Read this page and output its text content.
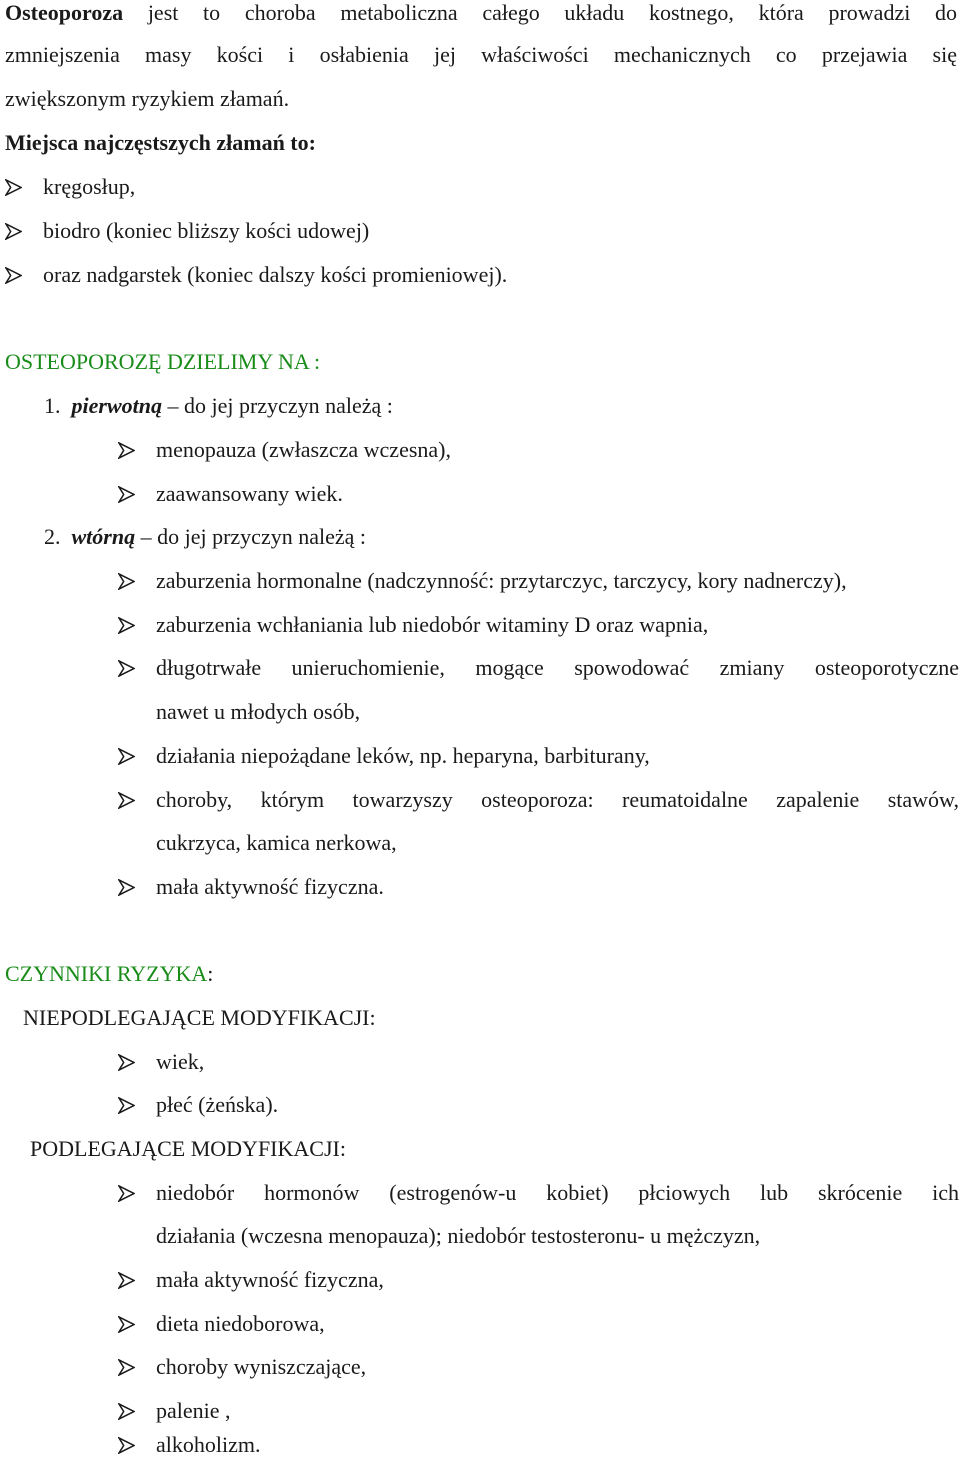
Osteoporoza jest to choroba metaboliczna całego układu kostnego, która prowadzi do
zmniejszenia masy kości i osłabienia jej właściwości mechanicznych co przejawia się
zwiększonym ryzykiem złamań.
Miejsca najczęstszych złamań to:
kręgosłup,
biodro (koniec bliższy kości udowej)
oraz nadgarstek (koniec dalszy kości promieniowej).
OSTEOPOROZĘ DZIELIMY NA :
1. pierwotną – do jej przyczyn należą :
menopauza (zwłaszcza wczesna),
zaawansowany wiek.
2. wtórną – do jej przyczyn należą :
zaburzenia hormonalne (nadczynność: przytarczyc, tarczycy, kory nadnerczy),
zaburzenia wchłaniania lub niedobór witaminy D oraz wapnia,
długotrwałe unieruchomienie, mogące spowodować zmiany osteoporotyczne
nawet u młodych osób,
działania niepożądane leków, np. heparyna, barbiturany,
choroby, którym towarzyszy osteoporoza: reumatoidalne zapalenie stawów,
cukrzyca, kamica nerkowa,
mała aktywność fizyczna.
CZYNNIKI RYZYKA:
NIEPODLEGAJĄCE MODYFIKACJI:
wiek,
płeć (żeńska).
PODLEGAJĄCE MODYFIKACJI:
niedobór hormonów (estrogenów-u kobiet) płciowych lub skrócenie ich
działania (wczesna menopauza); niedobór testosteronu- u mężczyzn,
mała aktywność fizyczna,
dieta niedoborowa,
choroby wyniszczające,
palenie ,
alkoholizm.
